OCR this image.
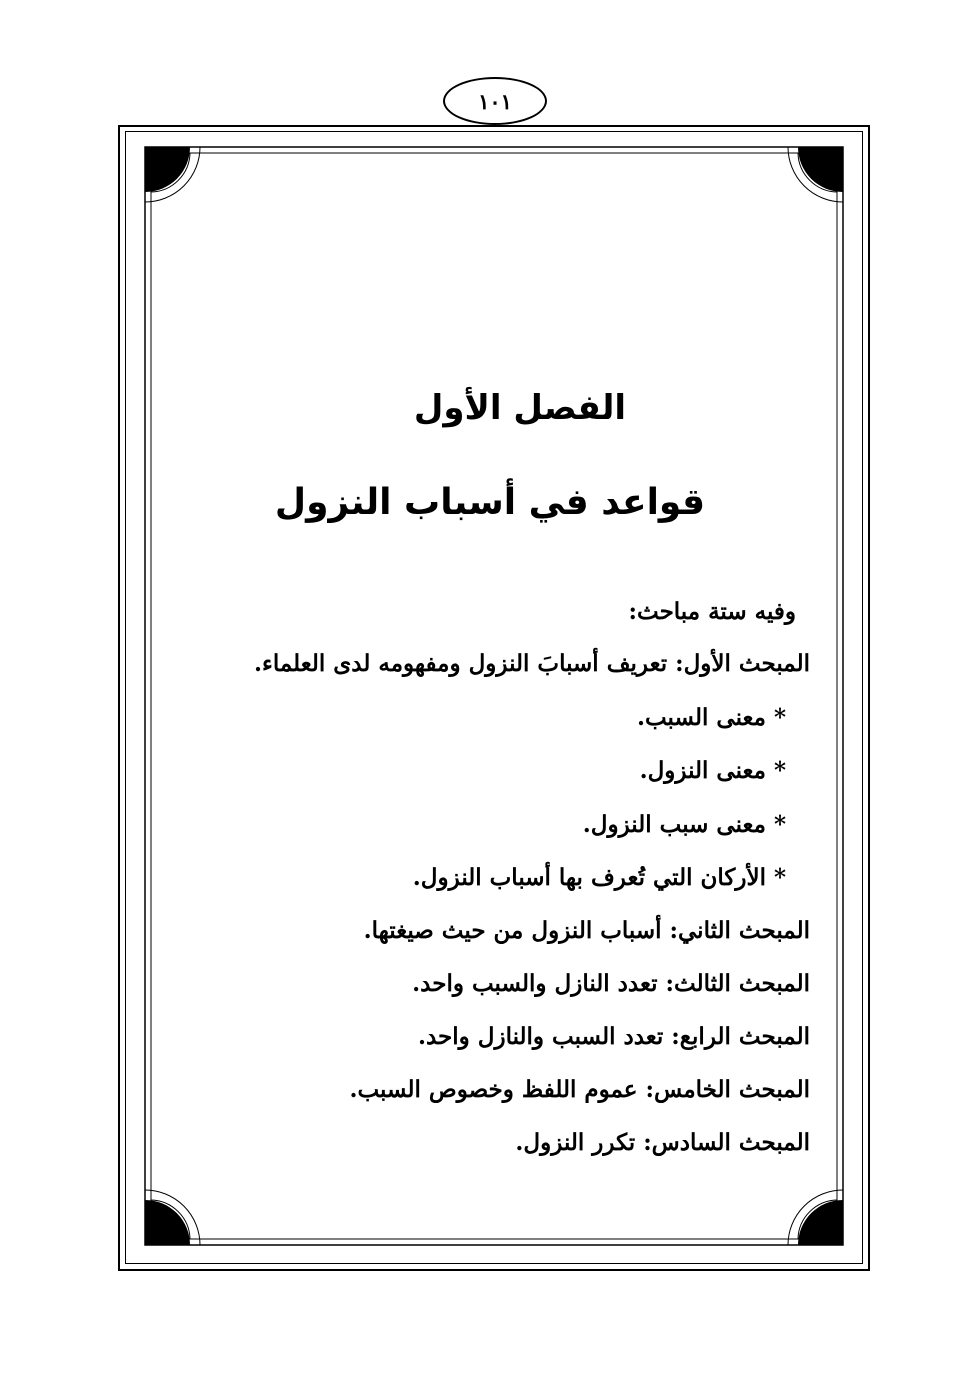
١٠١
الفصل الأول
قواعد في أسباب النزول
وفيه ستة مباحث:
المبحث الأول: تعريف أسبابَ النزول ومفهومه لدى العلماء.
* معنى السبب.
* معنى النزول.
* معنى سبب النزول.
* الأركان التي تُعرف بها أسباب النزول.
المبحث الثاني: أسباب النزول من حيث صيغتها.
المبحث الثالث: تعدد النازل والسبب واحد.
المبحث الرابع: تعدد السبب والنازل واحد.
المبحث الخامس: عموم اللفظ وخصوص السبب.
المبحث السادس: تكرر النزول.
